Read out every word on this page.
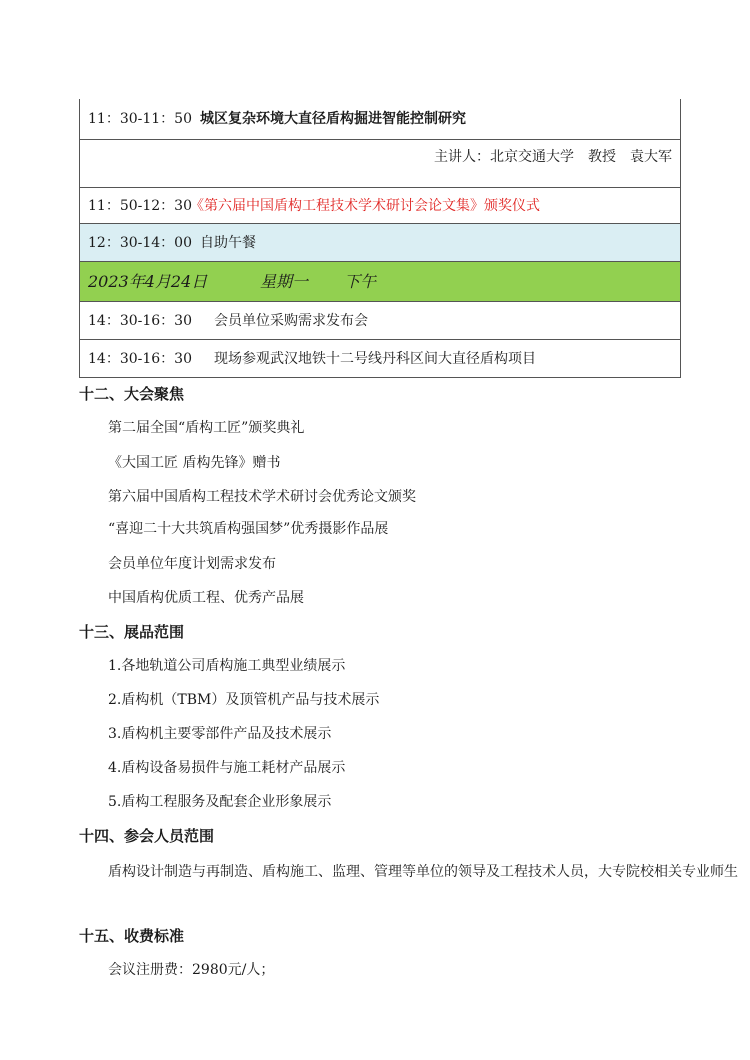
11：30-11：50 城区复杂环境大直径盾构掘进智能控制研究
主讲人：北京交通大学　教授　袁大军
11：50-12：30
《第六届中国盾构工程技术学术研讨会论文集》颁奖仪式
12：30-14：00 自助午餐
2023年4月24日	星期一 下午
14：30-16：30 会员单位采购需求发布会
14：30-16：30 现场参观武汉地铁十二号线丹科区间大直径盾构项目
十二、大会聚焦
第二届全国“盾构工匠”颁奖典礼
《大国工匠 盾构先锋》赠书
第六届中国盾构工程技术学术研讨会优秀论文颁奖
“喜迎二十大共筑盾构强国梦”优秀摄影作品展
会员单位年度计划需求发布
中国盾构优质工程、优秀产品展
十三、展品范围
1.各地轨道公司盾构施工典型业绩展示
2.盾构机（TBM）及顶管机产品与技术展示
3.盾构机主要零部件产品及技术展示
4.盾构设备易损件与施工耗材产品展示
5.盾构工程服务及配套企业形象展示
十四、参会人员范围
盾构设计制造与再制造、盾构施工、监理、管理等单位的领导及工程技术人员，大专院校相关专业师生
十五、收费标准
会议注册费：2980元/人；
